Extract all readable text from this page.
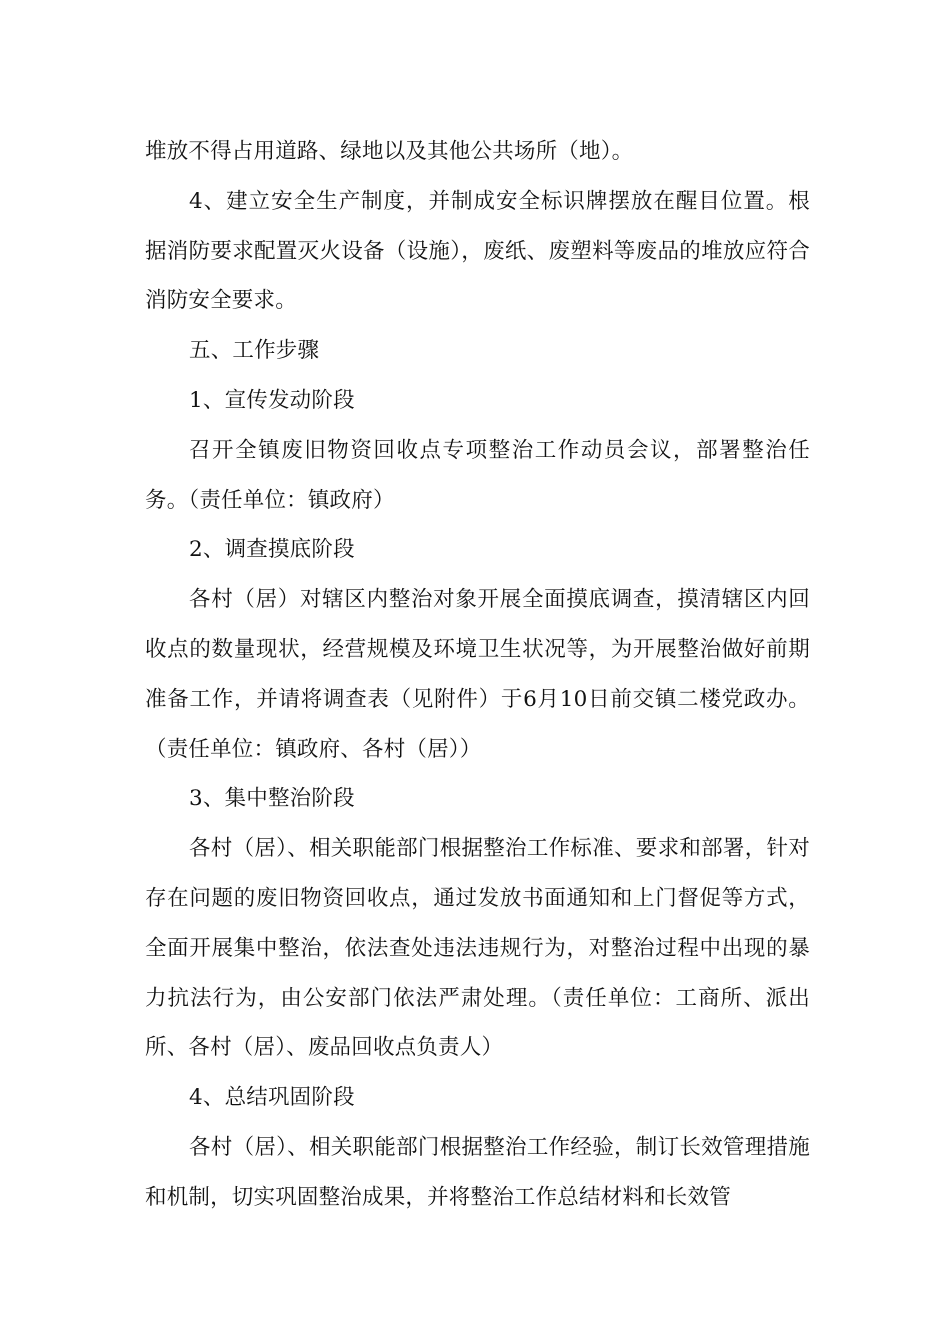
堆放不得占用道路、绿地以及其他公共场所（地）。

4、建立安全生产制度，并制成安全标识牌摆放在醒目位置。根据消防要求配置灭火设备（设施），废纸、废塑料等废品的堆放应符合消防安全要求。

五、工作步骤

1、宣传发动阶段

召开全镇废旧物资回收点专项整治工作动员会议，部署整治任务。（责任单位：镇政府）

2、调查摸底阶段

各村（居）对辖区内整治对象开展全面摸底调查，摸清辖区内回收点的数量现状，经营规模及环境卫生状况等，为开展整治做好前期准备工作，并请将调查表（见附件）于6月10日前交镇二楼党政办。（责任单位：镇政府、各村（居））

3、集中整治阶段

各村（居）、相关职能部门根据整治工作标准、要求和部署，针对存在问题的废旧物资回收点，通过发放书面通知和上门督促等方式，全面开展集中整治，依法查处违法违规行为，对整治过程中出现的暴力抗法行为，由公安部门依法严肃处理。（责任单位：工商所、派出所、各村（居）、废品回收点负责人）

4、总结巩固阶段

各村（居）、相关职能部门根据整治工作经验，制订长效管理措施和机制，切实巩固整治成果，并将整治工作总结材料和长效管
